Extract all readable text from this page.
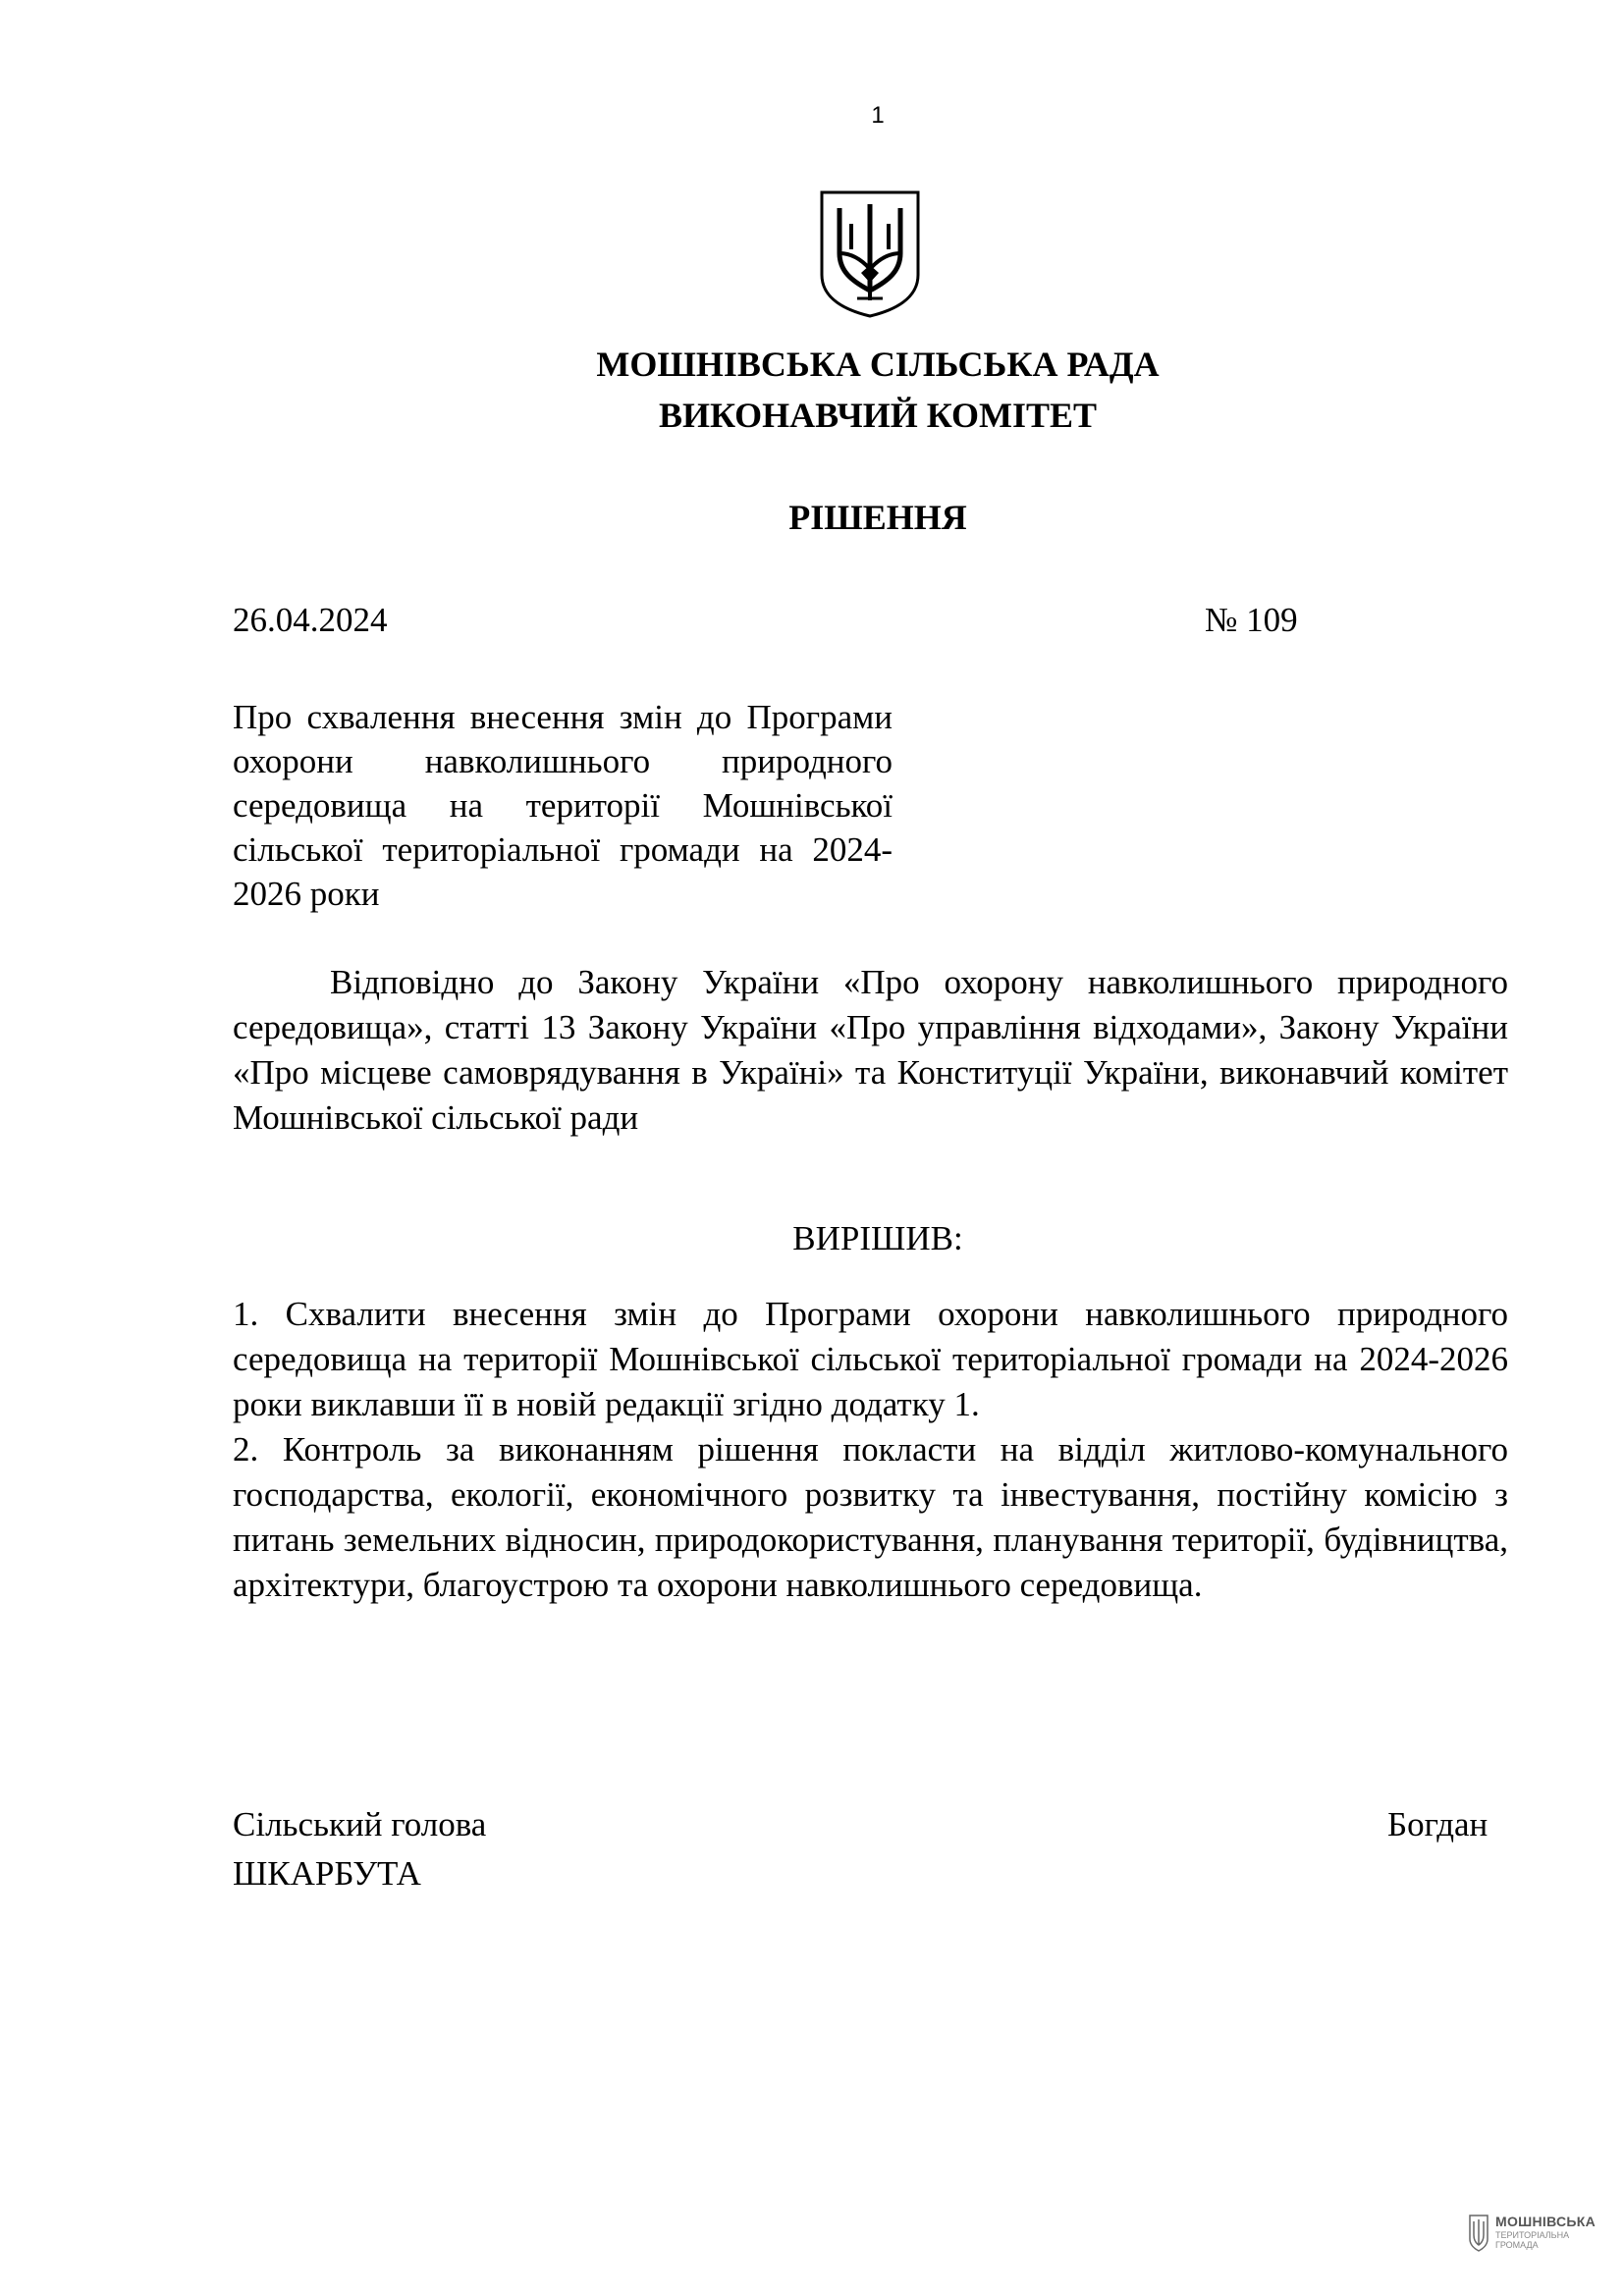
1
МОШНІВСЬКА СІЛЬСЬКА РАДА
ВИКОНАВЧИЙ КОМІТЕТ
РІШЕННЯ
26.04.2024	№ 109
Про схвалення внесення змін до Програми охорони навколишнього природного середовища на території Мошнівської сільської територіальної громади на 2024-2026 роки
Відповідно до Закону України «Про охорону навколишнього природного середовища», статті 13 Закону України «Про управління відходами», Закону України «Про місцеве самоврядування в Україні» та Конституції України, виконавчий комітет Мошнівської сільської ради
ВИРІШИВ:

1. Схвалити внесення змін до Програми охорони навколишнього природного середовища на території Мошнівської сільської територіальної громади на 2024-2026 роки виклавши її в новій редакції згідно додатку 1.

2. Контроль за виконанням рішення покласти на відділ житлово-комунального господарства, екології, економічного розвитку та інвестування, постійну комісію з питань земельних відносин, природокористування, планування території, будівництва, архітектури, благоустрою та охорони навколишнього середовища.

Сільський голова
ШКАРБУТА
Богдан
МОШНІВСЬКА
ТЕРИТОРІАЛЬНА ГРОМАДА
